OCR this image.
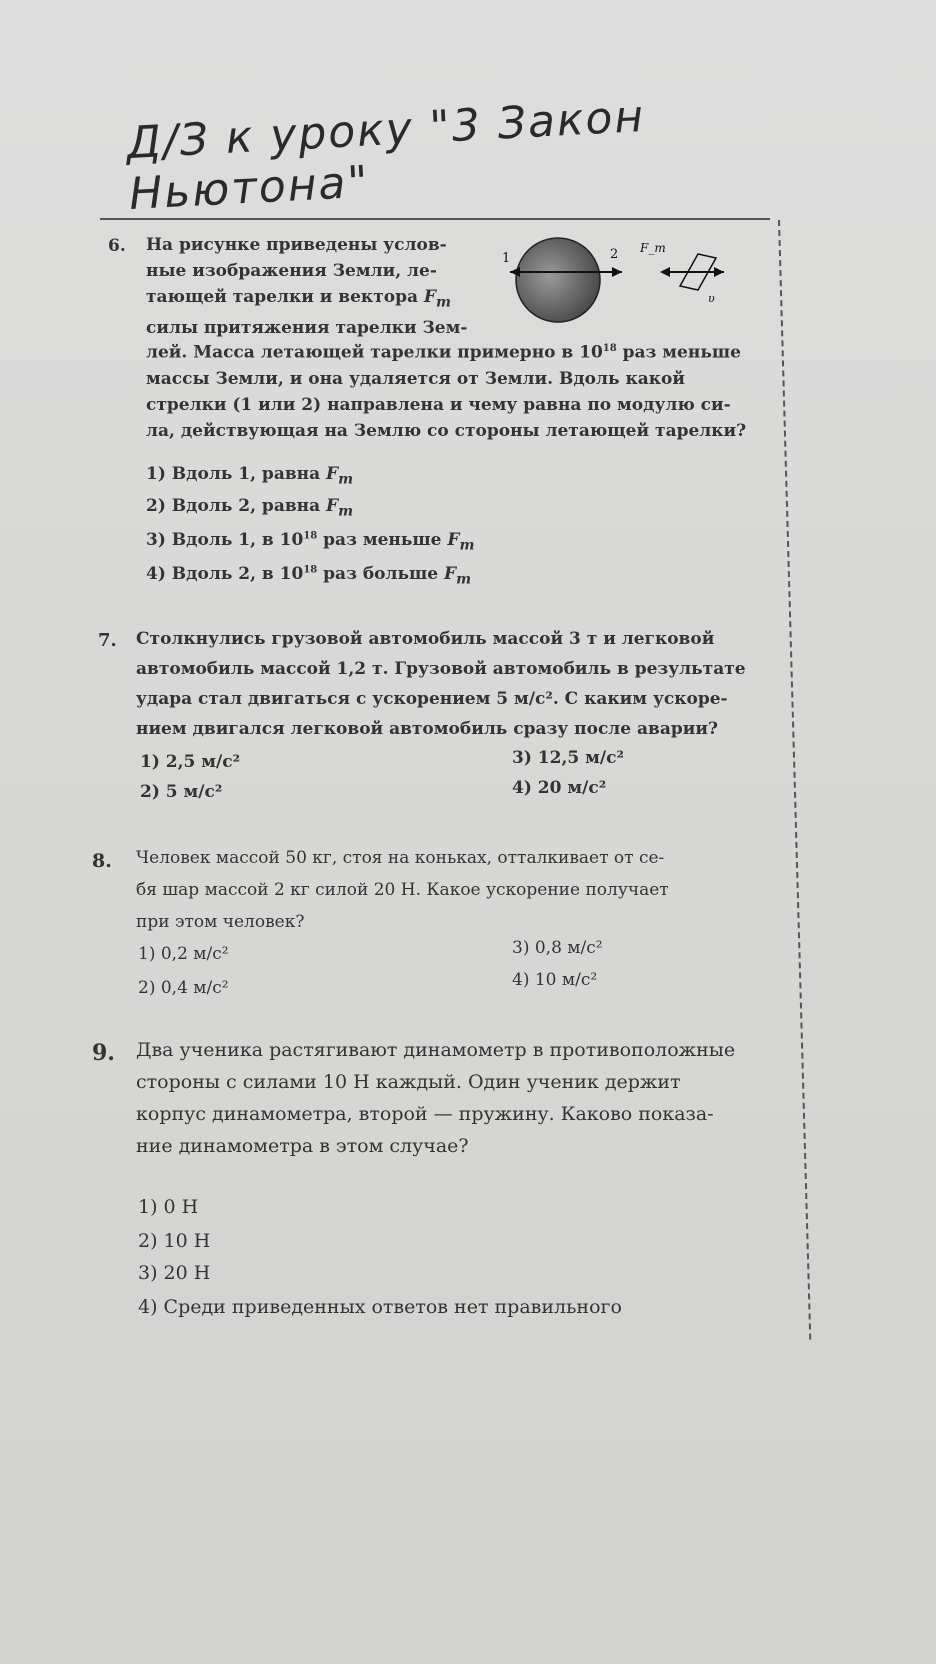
Д/З к уроку "3 Закон Ньютона"
6. На рисунке приведены услов-
ные изображения Земли, ле-
тающей тарелки и вектора $F_m$
силы притяжения тарелки Зем-
1	2 F_m
υ
лей. Масса летающей тарелки примерно в $10^{18}$ раз меньше
массы Земли, и она удаляется от Земли. Вдоль какой
стрелки (1 или 2) направлена и чему равна по модулю си-
ла, действующая на Землю со стороны летающей тарелки?
1) Вдоль 1, равна $F_m$
2) Вдоль 2, равна $F_m$
3) Вдоль 1, в $10^{18}$ раз меньше $F_m$
4) Вдоль 2, в $10^{18}$ раз больше $F_m$
7. Столкнулись грузовой автомобиль массой 3 т и легковой
автомобиль массой 1,2 т. Грузовой автомобиль в результате
удара стал двигаться с ускорением 5 м/с². С каким ускоре-
нием двигался легковой автомобиль сразу после аварии?
1) 2,5 м/с²
2) 5 м/с²
3) 12,5 м/с²
4) 20 м/с²
8. Человек массой 50 кг, стоя на коньках, отталкивает от се-
бя шар массой 2 кг силой 20 Н. Какое ускорение получает
при этом человек?
1) 0,2 м/с²
2) 0,4 м/с²
3) 0,8 м/с²
4) 10 м/с²
9. Два ученика растягивают динамометр в противоположные
стороны с силами 10 Н каждый. Один ученик держит
корпус динамометра, второй — пружину. Каково показа-
ние динамометра в этом случае?
1) 0 Н
2) 10 Н
3) 20 Н
4) Среди приведенных ответов нет правильного
